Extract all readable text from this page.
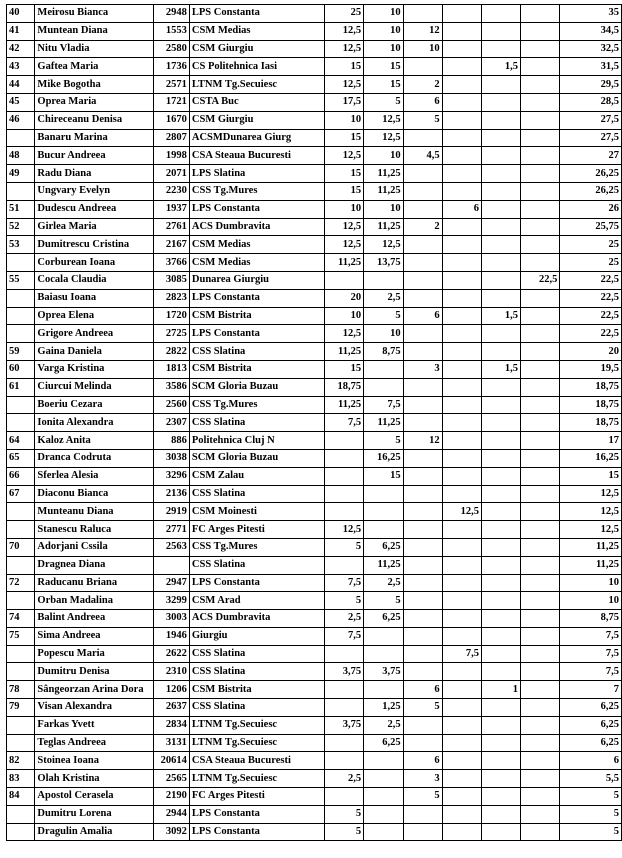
40	Meirosu Bianca	2948	LPS Constanta	25	10					35
41	Muntean Diana	1553	CSM Medias	12,5	10	12				34,5
42	Nitu Vladia	2580	CSM Giurgiu	12,5	10	10				32,5
43	Gaftea Maria	1736	CS Politehnica Iasi	15	15			1,5		31,5
44	Mike Bogotha	2571	LTNM Tg.Secuiesc	12,5	15	2				29,5
45	Oprea Maria	1721	CSTA Buc	17,5	5	6				28,5
46	Chireceanu Denisa	1670	CSM Giurgiu	10	12,5	5				27,5
	Banaru Marina	2807	ACSMDunarea Giurg	15	12,5					27,5
48	Bucur Andreea	1998	CSA Steaua Bucuresti	12,5	10	4,5				27
49	Radu Diana	2071	LPS Slatina	15	11,25					26,25
	Ungvary Evelyn	2230	CSS Tg.Mures	15	11,25					26,25
51	Dudescu Andreea	1937	LPS Constanta	10	10		6			26
52	Girlea Maria	2761	ACS Dumbravita	12,5	11,25	2				25,75
53	Dumitrescu Cristina	2167	CSM Medias	12,5	12,5					25
	Corburean Ioana	3766	CSM Medias	11,25	13,75					25
55	Cocala Claudia	3085	Dunarea Giurgiu						22,5	22,5
	Baiasu Ioana	2823	LPS Constanta	20	2,5					22,5
	Oprea Elena	1720	CSM Bistrita	10	5	6		1,5		22,5
	Grigore Andreea	2725	LPS Constanta	12,5	10					22,5
59	Gaina Daniela	2822	CSS Slatina	11,25	8,75					20
60	Varga Kristina	1813	CSM Bistrita	15		3		1,5		19,5
61	Ciurcui Melinda	3586	SCM Gloria Buzau	18,75						18,75
	Boeriu Cezara	2560	CSS Tg.Mures	11,25	7,5					18,75
	Ionita Alexandra	2307	CSS Slatina	7,5	11,25					18,75
64	Kaloz Anita	886	Politehnica Cluj N		5	12				17
65	Dranca Codruta	3038	SCM Gloria Buzau		16,25					16,25
66	Sferlea Alesia	3296	CSM Zalau		15					15
67	Diaconu Bianca	2136	CSS Slatina							12,5
	Munteanu Diana	2919	CSM Moinesti				12,5			12,5
	Stanescu Raluca	2771	FC Arges Pitesti	12,5						12,5
70	Adorjani Cssila	2563	CSS Tg.Mures	5	6,25					11,25
	Dragnea Diana		CSS Slatina		11,25					11,25
72	Raducanu Briana	2947	LPS Constanta	7,5	2,5					10
	Orban Madalina	3299	CSM Arad	5	5					10
74	Balint Andreea	3003	ACS Dumbravita	2,5	6,25					8,75
75	Sima Andreea	1946	Giurgiu	7,5						7,5
	Popescu Maria	2622	CSS Slatina				7,5			7,5
	Dumitru Denisa	2310	CSS Slatina	3,75	3,75					7,5
78	Sângeorzan Arina Dora	1206	CSM Bistrita			6		1		7
79	Visan Alexandra	2637	CSS Slatina		1,25	5				6,25
	Farkas Yvett	2834	LTNM Tg.Secuiesc	3,75	2,5					6,25
	Teglas Andreea	3131	LTNM Tg.Secuiesc		6,25					6,25
82	Stoinea Ioana	20614	CSA Steaua Bucuresti			6				6
83	Olah Kristina	2565	LTNM Tg.Secuiesc	2,5		3				5,5
84	Apostol Cerasela	2190	FC Arges Pitesti			5				5
	Dumitru Lorena	2944	LPS Constanta	5						5
	Dragulin Amalia	3092	LPS Constanta	5						5
